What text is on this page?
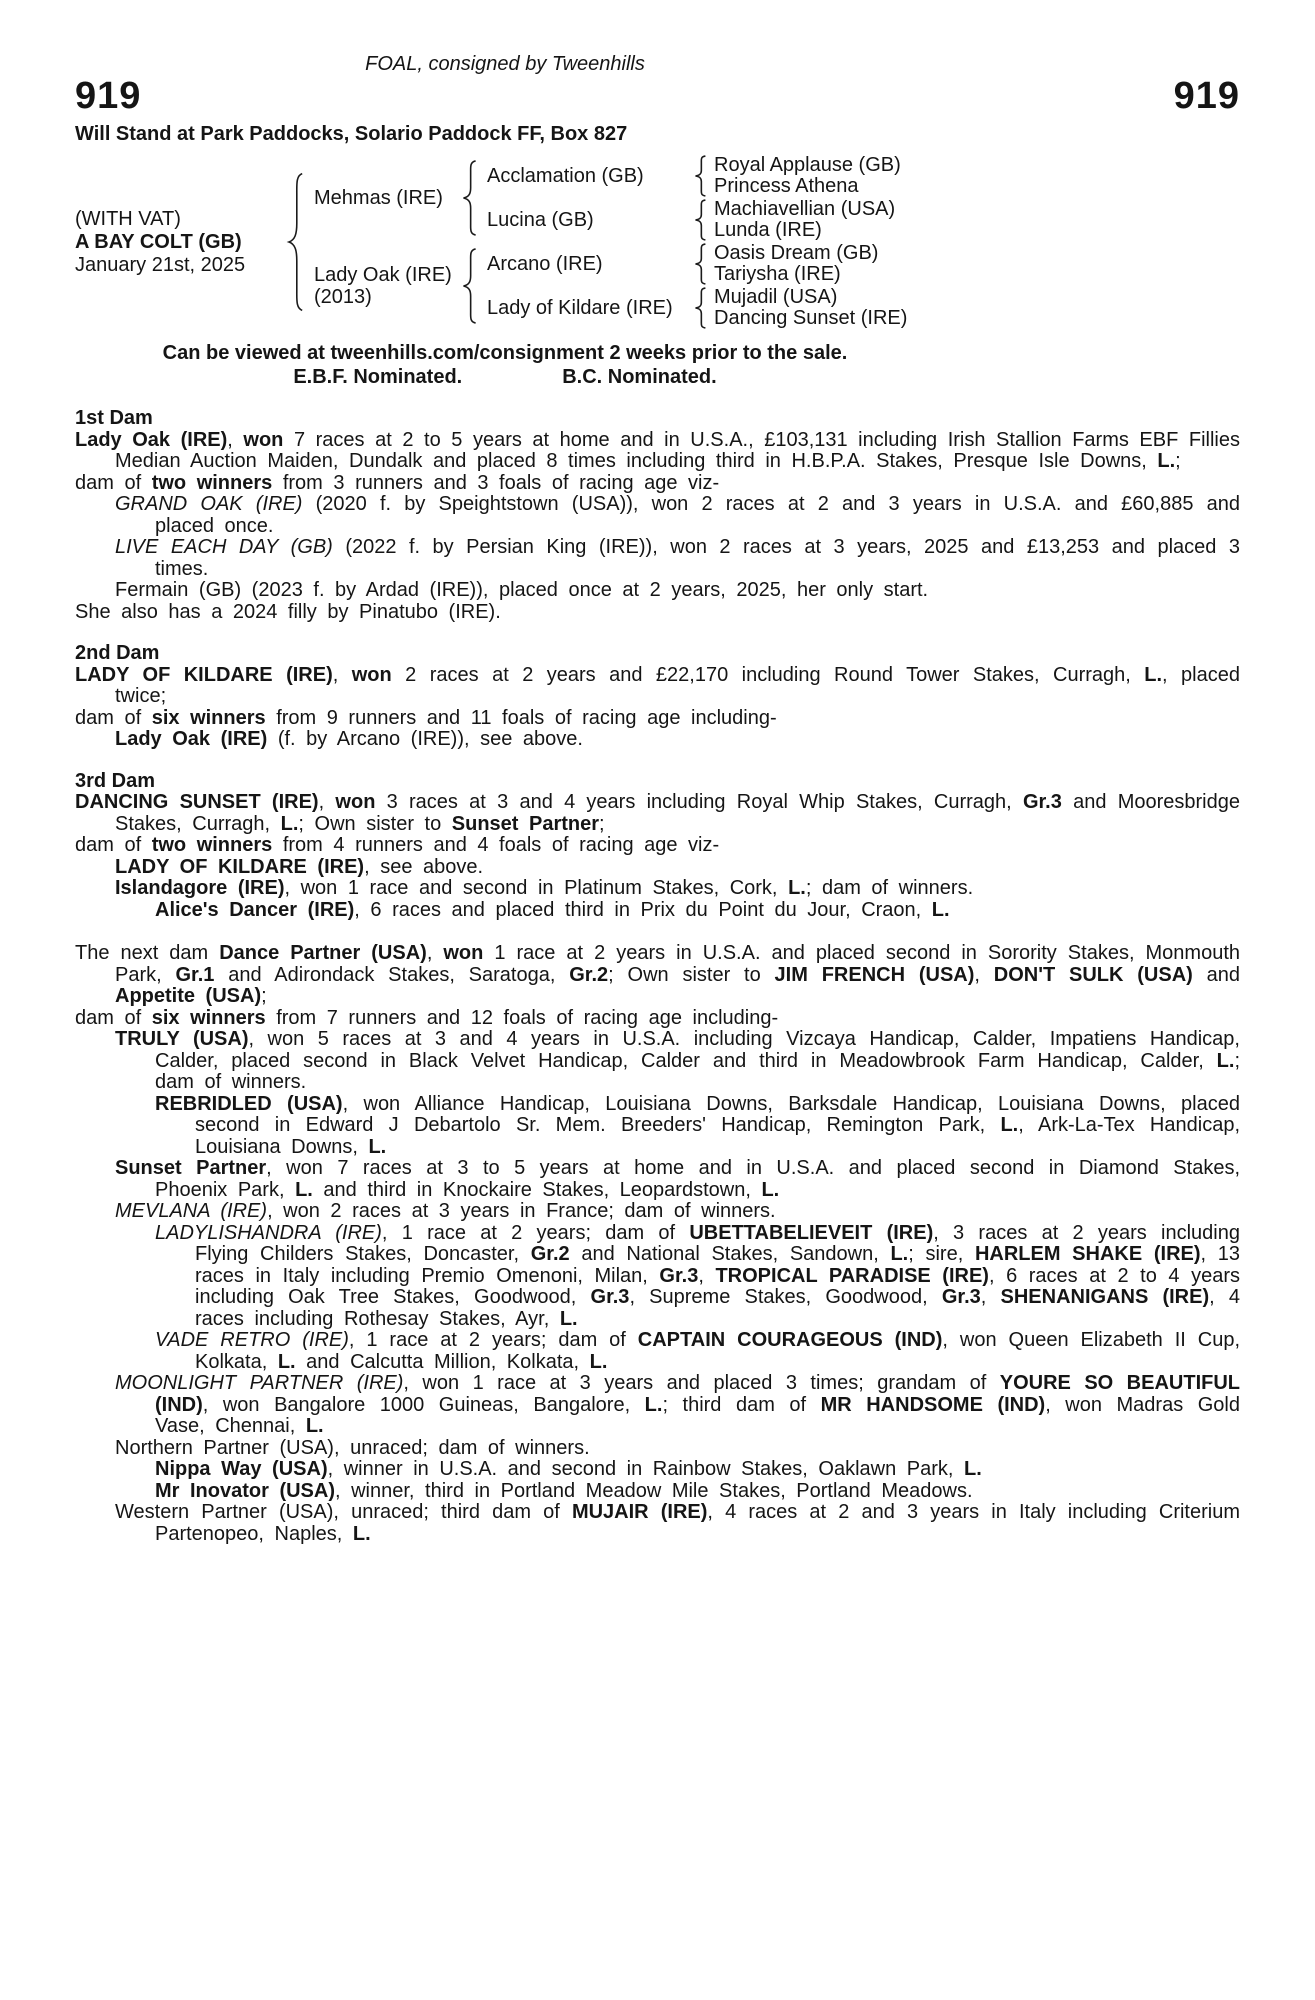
FOAL, consigned by Tweenhills
919	919
Will Stand at Park Paddocks, Solario Paddock FF, Box 827
(WITH VAT)
A BAY COLT (GB)
January 21st, 2025
Mehmas (IRE)
Acclamation (GB)
Royal Applause (GB)
Princess Athena
Lucina (GB)
Machiavellian (USA)
Lunda (IRE)
Lady Oak (IRE)
(2013)
Arcano (IRE)
Oasis Dream (GB)
Tariysha (IRE)
Lady of Kildare (IRE)
Mujadil (USA)
Dancing Sunset (IRE)
Can be viewed at tweenhills.com/consignment 2 weeks prior to the sale.
E.B.F. Nominated.	B.C. Nominated.
1st Dam
Lady Oak (IRE), won 7 races at 2 to 5 years at home and in U.S.A., £103,131 including Irish Stallion Farms EBF Fillies Median Auction Maiden, Dundalk and placed 8 times including third in H.B.P.A. Stakes, Presque Isle Downs, L.;
dam of two winners from 3 runners and 3 foals of racing age viz-
GRAND OAK (IRE) (2020 f. by Speightstown (USA)), won 2 races at 2 and 3 years in U.S.A. and £60,885 and placed once.
LIVE EACH DAY (GB) (2022 f. by Persian King (IRE)), won 2 races at 3 years, 2025 and £13,253 and placed 3 times.
Fermain (GB) (2023 f. by Ardad (IRE)), placed once at 2 years, 2025, her only start.
She also has a 2024 filly by Pinatubo (IRE).
2nd Dam
LADY OF KILDARE (IRE), won 2 races at 2 years and £22,170 including Round Tower Stakes, Curragh, L., placed twice;
dam of six winners from 9 runners and 11 foals of racing age including-
Lady Oak (IRE) (f. by Arcano (IRE)), see above.
3rd Dam
DANCING SUNSET (IRE), won 3 races at 3 and 4 years including Royal Whip Stakes, Curragh, Gr.3 and Mooresbridge Stakes, Curragh, L.; Own sister to Sunset Partner;
dam of two winners from 4 runners and 4 foals of racing age viz-
LADY OF KILDARE (IRE), see above.
Islandagore (IRE), won 1 race and second in Platinum Stakes, Cork, L.; dam of winners.
Alice's Dancer (IRE), 6 races and placed third in Prix du Point du Jour, Craon, L.
The next dam Dance Partner (USA), won 1 race at 2 years in U.S.A. and placed second in Sorority Stakes, Monmouth Park, Gr.1 and Adirondack Stakes, Saratoga, Gr.2; Own sister to JIM FRENCH (USA), DON'T SULK (USA) and Appetite (USA);
dam of six winners from 7 runners and 12 foals of racing age including-
TRULY (USA), won 5 races at 3 and 4 years in U.S.A. including Vizcaya Handicap, Calder, Impatiens Handicap, Calder, placed second in Black Velvet Handicap, Calder and third in Meadowbrook Farm Handicap, Calder, L.; dam of winners.
REBRIDLED (USA), won Alliance Handicap, Louisiana Downs, Barksdale Handicap, Louisiana Downs, placed second in Edward J Debartolo Sr. Mem. Breeders' Handicap, Remington Park, L., Ark-La-Tex Handicap, Louisiana Downs, L.
Sunset Partner, won 7 races at 3 to 5 years at home and in U.S.A. and placed second in Diamond Stakes, Phoenix Park, L. and third in Knockaire Stakes, Leopardstown, L.
MEVLANA (IRE), won 2 races at 3 years in France; dam of winners.
LADYLISHANDRA (IRE), 1 race at 2 years; dam of UBETTABELIEVEIT (IRE), 3 races at 2 years including Flying Childers Stakes, Doncaster, Gr.2 and National Stakes, Sandown, L.; sire, HARLEM SHAKE (IRE), 13 races in Italy including Premio Omenoni, Milan, Gr.3, TROPICAL PARADISE (IRE), 6 races at 2 to 4 years including Oak Tree Stakes, Goodwood, Gr.3, Supreme Stakes, Goodwood, Gr.3, SHENANIGANS (IRE), 4 races including Rothesay Stakes, Ayr, L.
VADE RETRO (IRE), 1 race at 2 years; dam of CAPTAIN COURAGEOUS (IND), won Queen Elizabeth II Cup, Kolkata, L. and Calcutta Million, Kolkata, L.
MOONLIGHT PARTNER (IRE), won 1 race at 3 years and placed 3 times; grandam of YOURE SO BEAUTIFUL (IND), won Bangalore 1000 Guineas, Bangalore, L.; third dam of MR HANDSOME (IND), won Madras Gold Vase, Chennai, L.
Northern Partner (USA), unraced; dam of winners.
Nippa Way (USA), winner in U.S.A. and second in Rainbow Stakes, Oaklawn Park, L.
Mr Inovator (USA), winner, third in Portland Meadow Mile Stakes, Portland Meadows.
Western Partner (USA), unraced; third dam of MUJAIR (IRE), 4 races at 2 and 3 years in Italy including Criterium Partenopeo, Naples, L.
